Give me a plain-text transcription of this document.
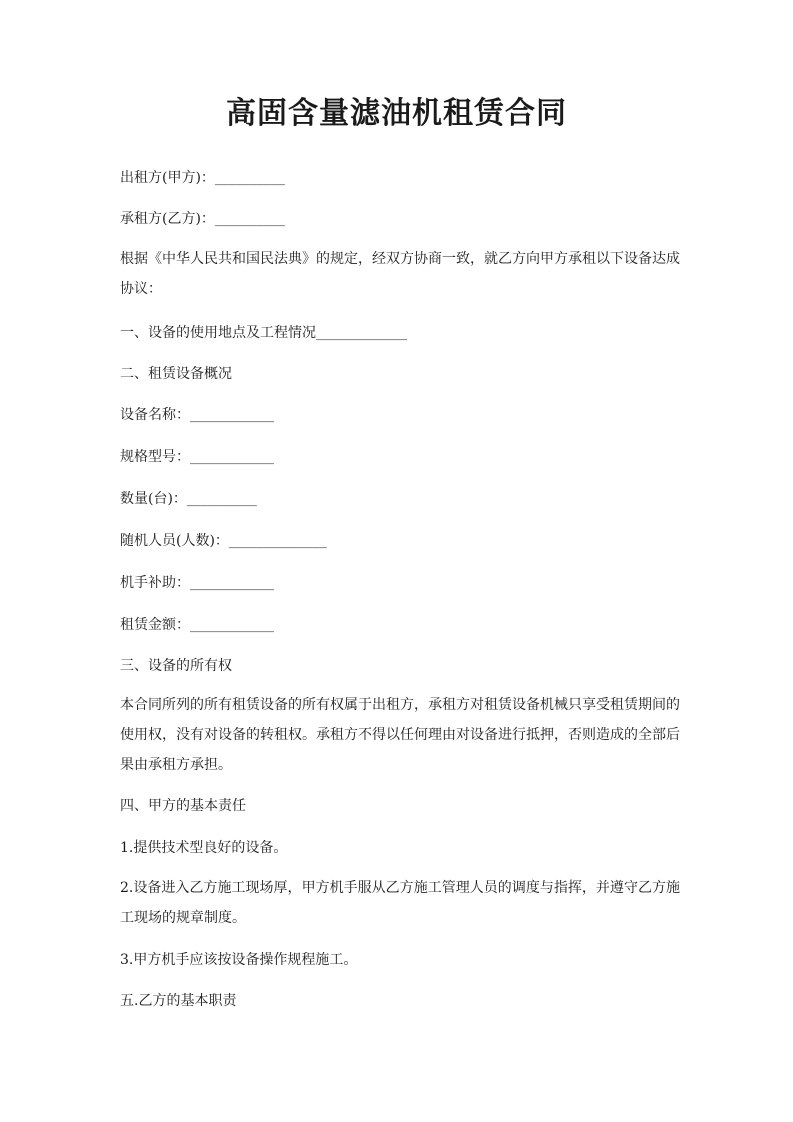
高固含量滤油机租赁合同
出租方(甲方)：__________
承租方(乙方)：__________
根据《中华人民共和国民法典》的规定，经双方协商一致，就乙方向甲方承租以下设备达成协议：
一、设备的使用地点及工程情况_____________
二、租赁设备概况
设备名称：____________
规格型号：____________
数量(台)：__________
随机人员(人数)：______________
机手补助：____________
租赁金额：____________
三、设备的所有权
本合同所列的所有租赁设备的所有权属于出租方，承租方对租赁设备机械只享受租赁期间的使用权，没有对设备的转租权。承租方不得以任何理由对设备进行抵押，否则造成的全部后果由承租方承担。
四、甲方的基本责任
1.提供技术型良好的设备。
2.设备进入乙方施工现场厚，甲方机手服从乙方施工管理人员的调度与指挥，并遵守乙方施工现场的规章制度。
3.甲方机手应该按设备操作规程施工。
五.乙方的基本职责
